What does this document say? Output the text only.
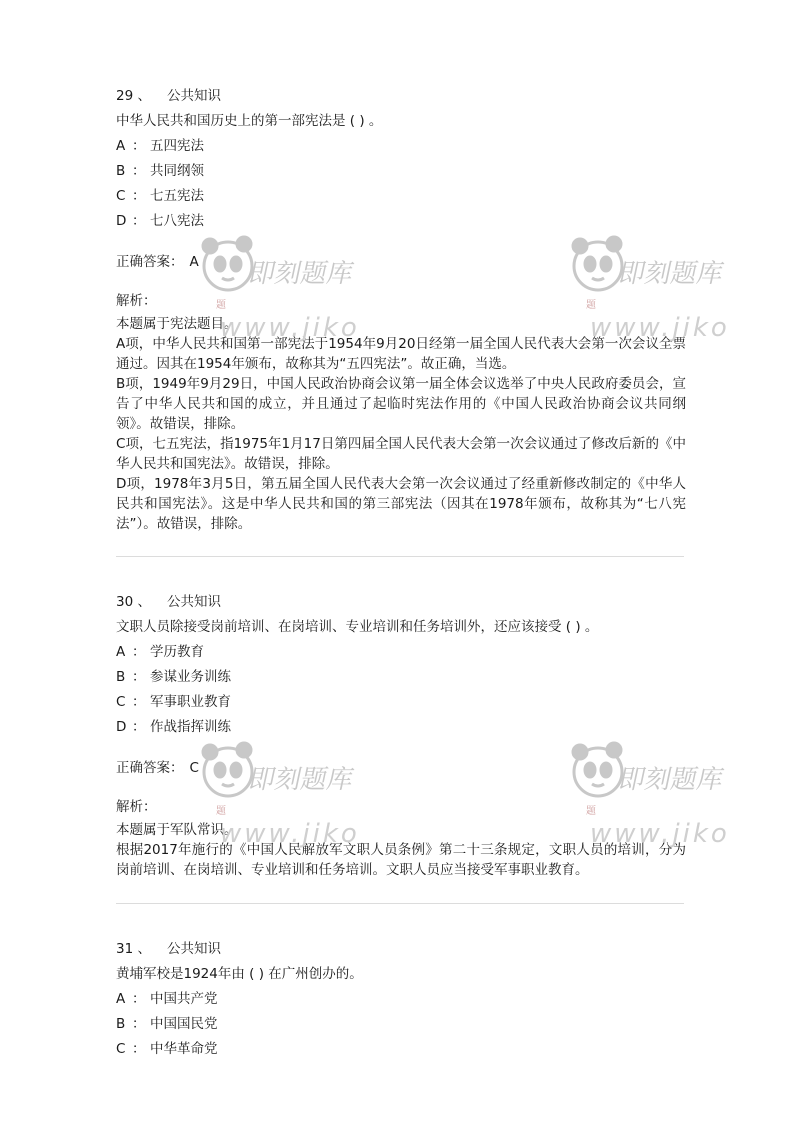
29 、 公共知识
中华人民共和国历史上的第一部宪法是 ( ) 。
A ： 五四宪法
B ： 共同纲领
C ： 七五宪法
D ： 七八宪法
正确答案： A
解析：
本题属于宪法题目。
A项，中华人民共和国第一部宪法于1954年9月20日经第一届全国人民代表大会第一次会议全票通过。因其在1954年颁布，故称其为“五四宪法”。故正确，当选。
B项，1949年9月29日，中国人民政治协商会议第一届全体会议选举了中央人民政府委员会，宣告了中华人民共和国的成立，并且通过了起临时宪法作用的《中国人民政治协商会议共同纲领》。故错误，排除。
C项，七五宪法，指1975年1月17日第四届全国人民代表大会第一次会议通过了修改后新的《中华人民共和国宪法》。故错误，排除。
D项，1978年3月5日，第五届全国人民代表大会第一次会议通过了经重新修改制定的《中华人民共和国宪法》。这是中华人民共和国的第三部宪法（因其在1978年颁布，故称其为“七八宪法”）。故错误，排除。
30 、 公共知识
文职人员除接受岗前培训、在岗培训、专业培训和任务培训外，还应该接受 ( ) 。
A ： 学历教育
B ： 参谋业务训练
C ： 军事职业教育
D ： 作战指挥训练
正确答案： C
解析：
本题属于军队常识。
根据2017年施行的《中国人民解放军文职人员条例》第二十三条规定，文职人员的培训，分为岗前培训、在岗培训、专业培训和任务培训。文职人员应当接受军事职业教育。
31 、 公共知识
黄埔军校是1924年由 ( ) 在广州创办的。
A ： 中国共产党
B ： 中国国民党
C ： 中华革命党
题
即刻题库
www.jiko
题
即刻题库
www.jiko
题
即刻题库
www.jiko
题
即刻题库
www.jiko
